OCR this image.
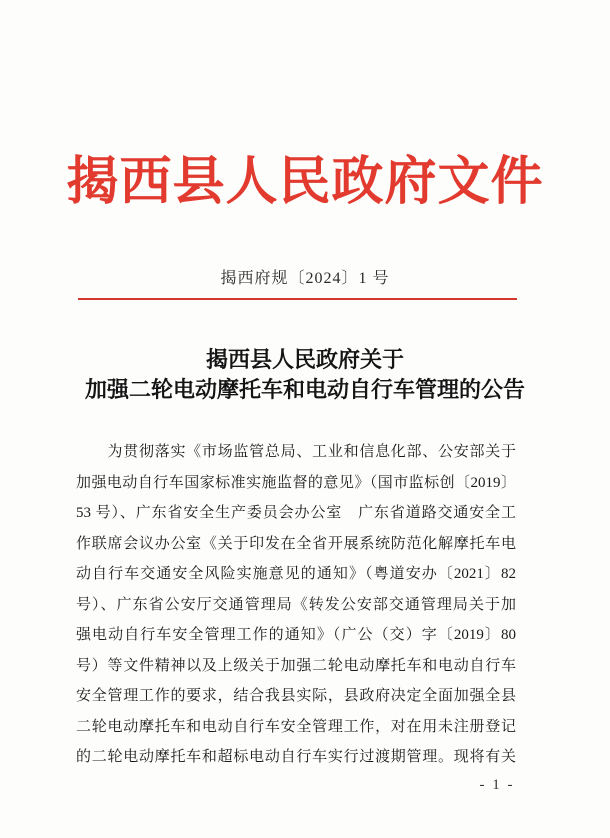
揭西县人民政府文件
揭西府规〔2024〕1 号
揭西县人民政府关于
加强二轮电动摩托车和电动自行车管理的公告
　　为贯彻落实《市场监管总局、工业和信息化部、公安部关于
加强电动自行车国家标准实施监督的意见》（国市监标创〔2019〕
53 号）、广东省安全生产委员会办公室　广东省道路交通安全工
作联席会议办公室《关于印发在全省开展系统防范化解摩托车电
动自行车交通安全风险实施意见的通知》（粤道安办〔2021〕82
号）、广东省公安厅交通管理局《转发公安部交通管理局关于加
强电动自行车安全管理工作的通知》（广公（交）字〔2019〕80
号）等文件精神以及上级关于加强二轮电动摩托车和电动自行车
安全管理工作的要求，结合我县实际，县政府决定全面加强全县
二轮电动摩托车和电动自行车安全管理工作，对在用未注册登记
的二轮电动摩托车和超标电动自行车实行过渡期管理。现将有关
- 1 -
